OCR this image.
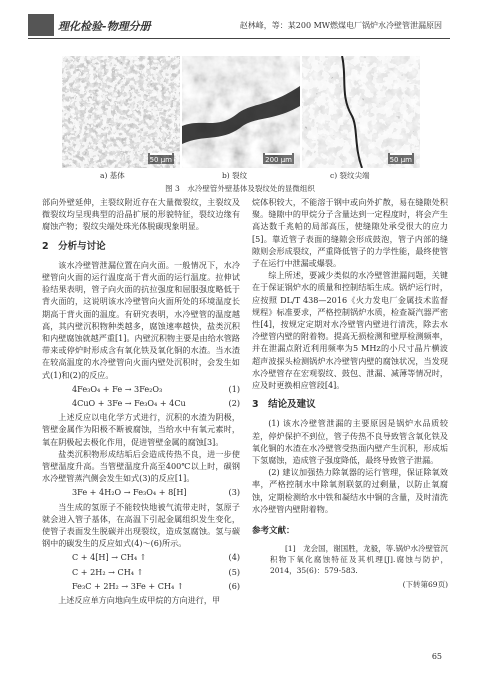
理化检验-物理分册	赵林峰，等：某200 MW燃煤电厂锅炉水冷壁管泄漏原因
50 μm	200 μm	50 μm
a) 基体	b) 裂纹	c) 裂纹尖端
图 3　水冷壁管外壁基体及裂纹处的显微组织

部向外壁延伸，主裂纹附近存在大量微裂纹，主裂纹及微裂纹均呈现典型的沿晶扩展的形貌特征，裂纹边缘有腐蚀产物；裂纹尖端处珠光体脱碳现象明显。

2　分析与讨论

该水冷壁管泄漏位置在向火面。一般情况下，水冷壁管向火面的运行温度高于背火面的运行温度。拉伸试验结果表明，管子向火面的抗拉强度和屈服强度略低于背火面的，这说明该水冷壁管向火面所处的环境温度长期高于背火面的温度。有研究表明，水冷壁管的温度越高，其内壁沉积物种类越多，腐蚀速率越快，盐类沉积和内壁腐蚀就越严重[1]。内壁沉积物主要是由给水管路带来或停炉时形成含有氧化铁及氧化铜的水渣。当水渣在较高温度的水冷壁管向火面内壁处沉积时，会发生如式(1)和(2)的反应。

4Fe₃O₄ + Fe → 3Fe₂O₃	(1)
4CuO + 3Fe → Fe₃O₄ + 4Cu	(2)

上述反应以电化学方式进行，沉积的水渣为阴极，管壁金属作为阳极不断被腐蚀，当给水中有氧元素时，氧在阴极起去极化作用，促进管壁金属的腐蚀[3]。

盐类沉积物形成结垢后会造成传热不良，进一步使管壁温度升高。当管壁温度升高至400℃以上时，碳钢水冷壁管蒸汽侧会发生如式(3)的反应[1]。

3Fe + 4H₂O → Fe₃O₄ + 8[H]	(3)

当生成的氢原子不能较快地被气流带走时，氢原子就会进入管子基体，在高温下引起金属组织发生变化，使管子表面发生脱碳并出现裂纹，造成氢腐蚀。氢与碳钢中的碳发生的反应如式(4)～(6)所示。

C + 4[H] → CH₄ ↑	(4)
C + 2H₂ → CH₄ ↑	(5)
Fe₃C + 2H₂ → 3Fe + CH₄ ↑	(6)

上述反应单方向地向生成甲烷的方向进行，甲

烷体积较大，不能溶于钢中或向外扩散，易在缝隙处积聚。缝隙中的甲烷分子含量达到一定程度时，将会产生高达数千兆帕的局部高压，使缝隙处承受很大的应力[5]。靠近管子表面的缝隙会形成鼓泡，管子内部的缝隙则会形成裂纹，严重降低管子的力学性能，最终使管子在运行中泄漏或爆裂。

综上所述，要减少类似的水冷壁管泄漏问题，关键在于保证锅炉水的质量和控制结垢生成。锅炉运行时，应按照 DL/T 438—2016《火力发电厂金属技术监督规程》标准要求，严格控制锅炉水质，检查凝汽器严密性[4]，按规定定期对水冷壁管内壁进行清洗，除去水冷壁管内壁的附着物。提高无损检测和壁厚检测频率，并在泄漏点附近利用频率为5 MHz的小尺寸晶片横波超声波探头检测锅炉水冷壁管内壁的腐蚀状况，当发现水冷壁管存在宏观裂纹、鼓包、泄漏、减薄等情况时，应及时更换相应管段[4]。

3　结论及建议

(1) 该水冷壁管泄漏的主要原因是锅炉水品质较差，停炉保护不到位，管子传热不良导致管含氧化铁及氧化铜的水渣在水冷壁管受热面内壁产生沉积，形成垢下氢腐蚀，造成管子强度降低，最终导致管子泄漏。

(2) 建议加强热力除氧器的运行管理，保证除氧效率，严格控制水中除氧剂联氨的过剩量，以防止氧腐蚀，定期检测给水中铁和凝结水中铜的含量，及时清洗水冷壁管内壁附着物。

参考文献：

[1]　龙会国，谢国胜，龙毅，等.锅炉水冷壁管沉积物下氧化腐蚀特征及其机理[J].腐蚀与防护，2014，35(6)：579-583.

(下转第69页)
65
